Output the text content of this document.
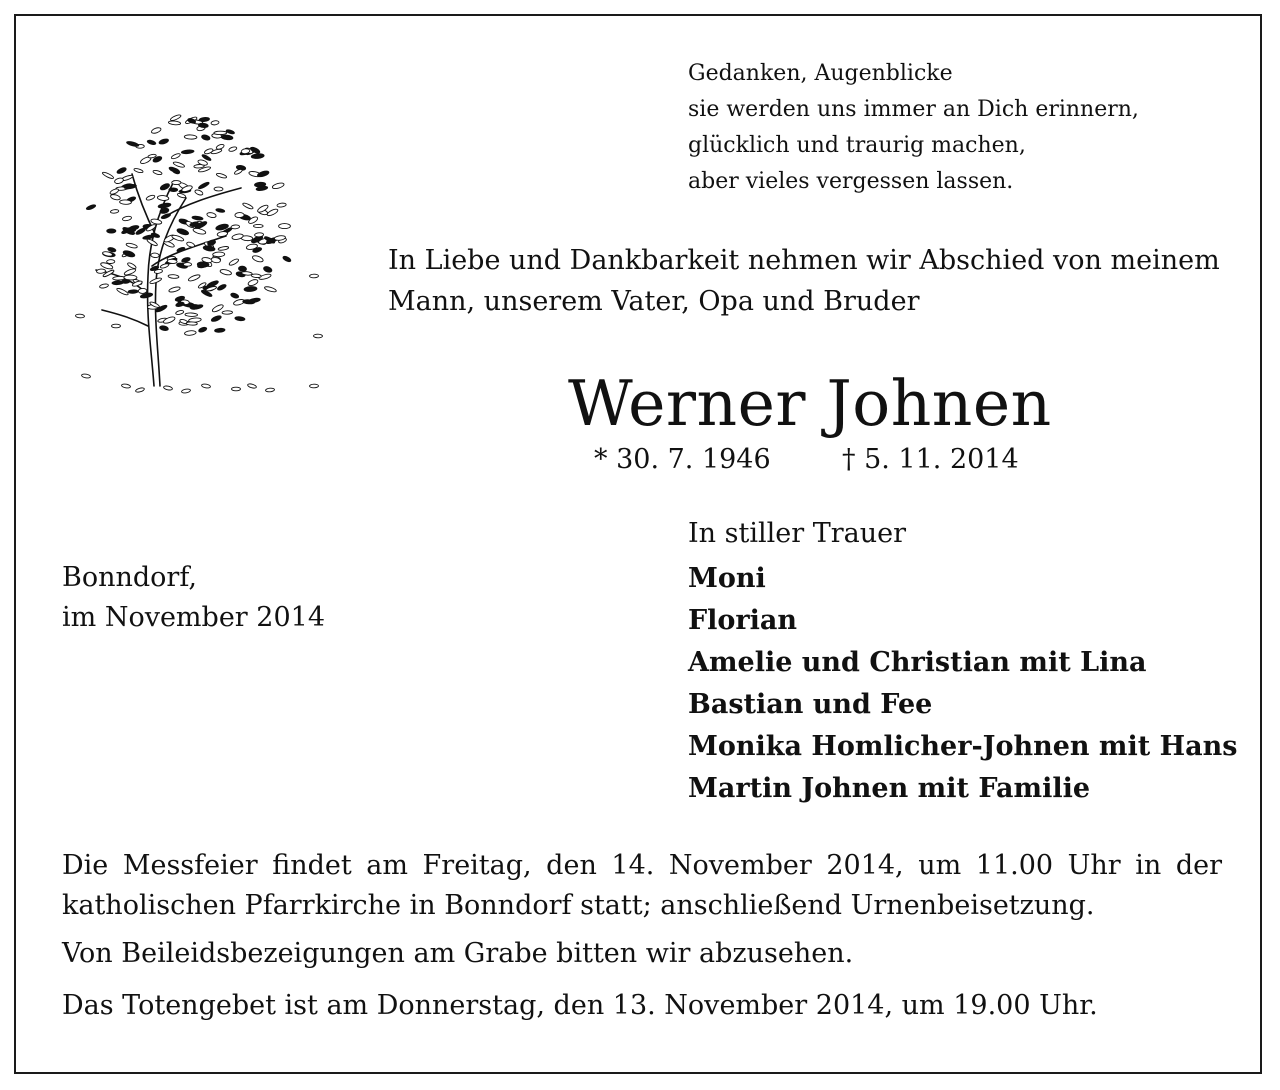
Gedanken, Augenblicke
sie werden uns immer an Dich erinnern,
glücklich und traurig machen,
aber vieles vergessen lassen.
In Liebe und Dankbarkeit nehmen wir Abschied von meinem
Mann, unserem Vater, Opa und Bruder
Werner Johnen
* 30. 7. 1946	† 5. 11. 2014
Bonndorf,
im November 2014
In stiller Trauer
Moni
Florian
Amelie und Christian mit Lina
Bastian und Fee
Monika Homlicher-Johnen mit Hans
Martin Johnen mit Familie

Die Messfeier findet am Freitag, den 14. November 2014, um 11.00 Uhr in der katholischen Pfarrkirche in Bonndorf statt; anschließend Urnenbeisetzung.

Von Beileidsbezeigungen am Grabe bitten wir abzusehen.

Das Totengebet ist am Donnerstag, den 13. November 2014, um 19.00 Uhr.
